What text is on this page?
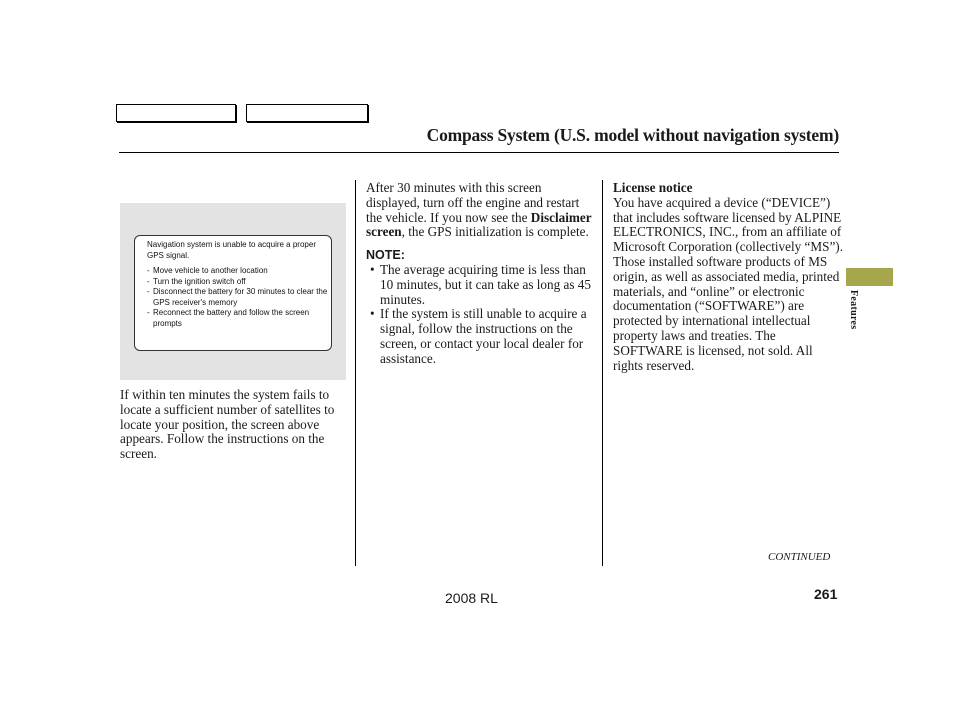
Compass System (U.S. model without navigation system)
Navigation system is unable to acquire a proper GPS signal.
- Move vehicle to another location
- Turn the ignition switch off
- Disconnect the battery for 30 minutes to clear the GPS receiver's memory
- Reconnect the battery and follow the screen prompts

If within ten minutes the system fails to locate a sufficient number of satellites to locate your position, the screen above appears. Follow the instructions on the screen.

After 30 minutes with this screen displayed, turn off the engine and restart the vehicle. If you now see the Disclaimer screen, the GPS initialization is complete.

NOTE:

• The average acquiring time is less than 10 minutes, but it can take as long as 45 minutes.
• If the system is still unable to acquire a signal, follow the instructions on the screen, or contact your local dealer for assistance.

License notice

You have acquired a device (“DEVICE”) that includes software licensed by ALPINE ELECTRONICS, INC., from an affiliate of Microsoft Corporation (collectively “MS”). Those installed software products of MS origin, as well as associated media, printed materials, and “online” or electronic documentation (“SOFTWARE”) are protected by international intellectual property laws and treaties. The SOFTWARE is licensed, not sold. All rights reserved.

Features
CONTINUED
2008 RL	261
